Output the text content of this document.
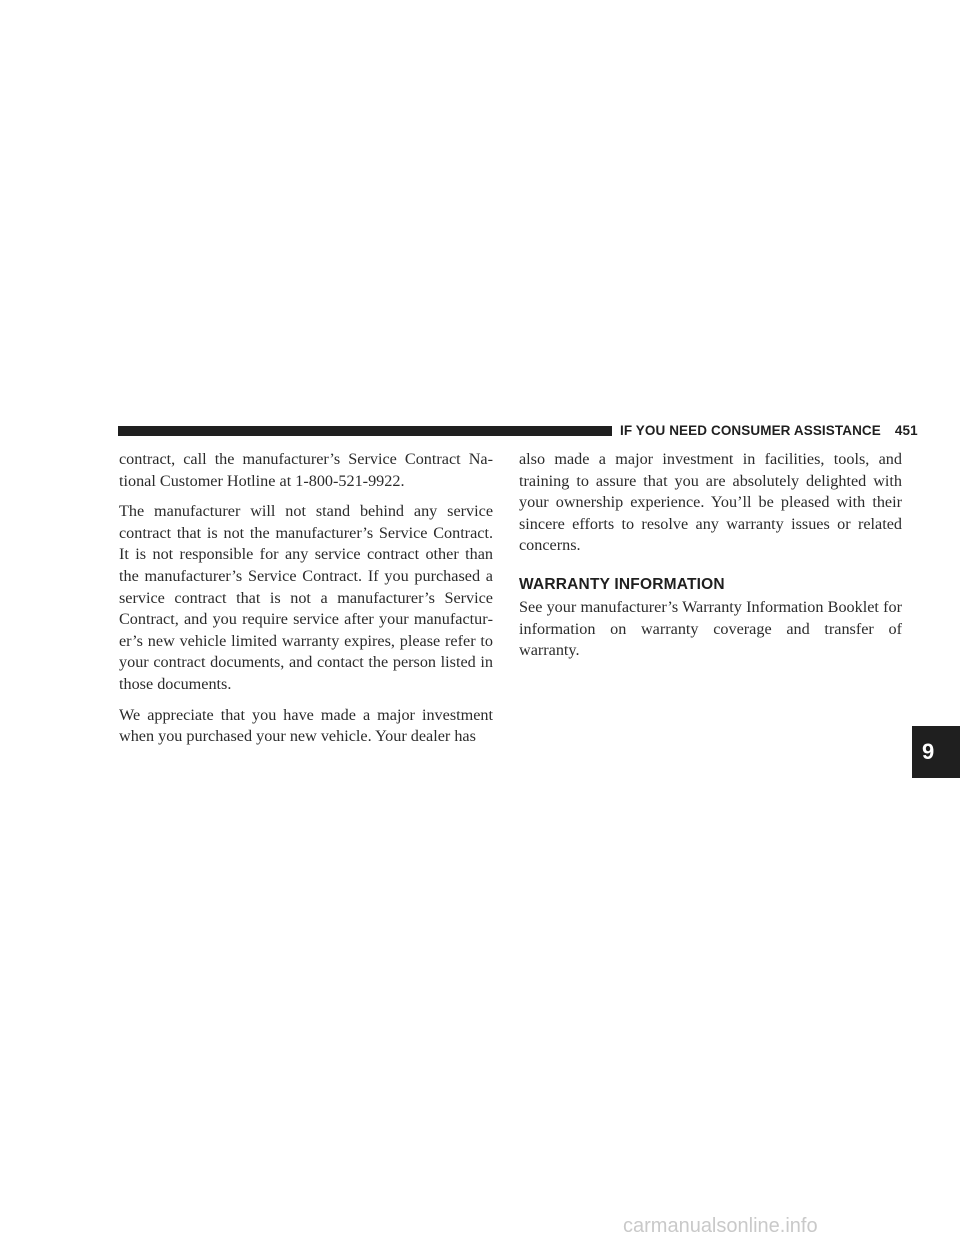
IF YOU NEED CONSUMER ASSISTANCE 451

contract, call the manufacturer’s Service Contract National Customer Hotline at 1-800-521-9922.

The manufacturer will not stand behind any service contract that is not the manufacturer’s Service Contract. It is not responsible for any service contract other than the manufacturer’s Service Contract. If you purchased a service contract that is not a manufacturer’s Service Contract, and you require service after your manufacturer’s new vehicle limited warranty expires, please refer to your contract documents, and contact the person listed in those documents.

We appreciate that you have made a major investment when you purchased your new vehicle. Your dealer has

also made a major investment in facilities, tools, and training to assure that you are absolutely delighted with your ownership experience. You’ll be pleased with their sincere efforts to resolve any warranty issues or related concerns.

WARRANTY INFORMATION

See your manufacturer’s Warranty Information Booklet for information on warranty coverage and transfer of warranty.

9
carmanualsonline.info
